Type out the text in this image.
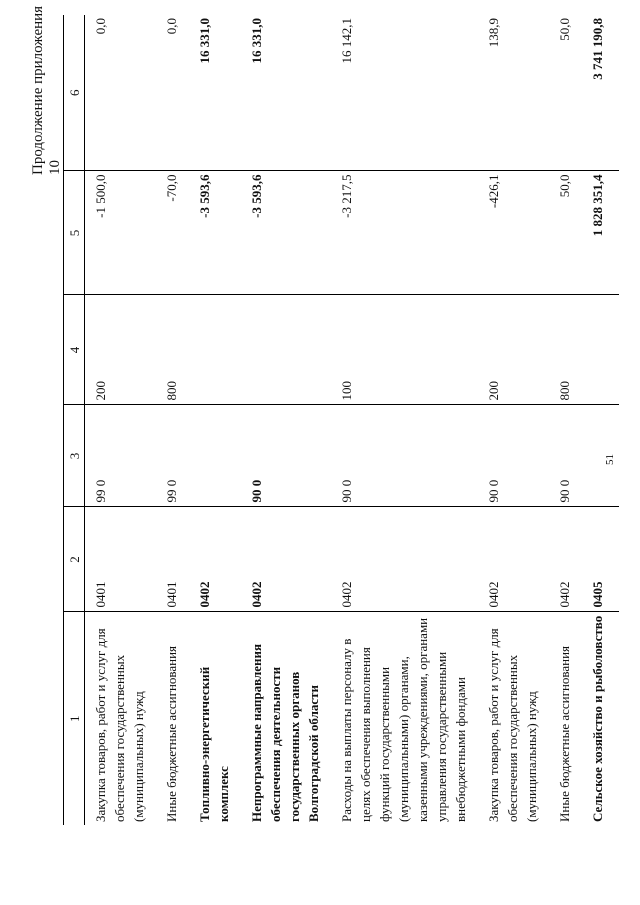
Продолжение приложения 10
51
1	2	3	4	5	6
Закупка товаров, работ и услуг для обеспечения государственных (муниципальных) нужд	0401	99 0	200	-1 500,0	0,0
Иные бюджетные ассигнования	0401	99 0	800	-70,0	0,0
Топливно-энергетический комплекс	0402			-3 593,6	16 331,0
Непрограммные направления обеспечения деятельности государственных органов Волгоградской области	0402	90 0		-3 593,6	16 331,0
Расходы на выплаты персоналу в целях обеспечения выполнения функций государственными (муниципальными) органами, казенными учреждениями, органами управления государственными внебюджетными фондами	0402	90 0	100	-3 217,5	16 142,1
Закупка товаров, работ и услуг для обеспечения государственных (муниципальных) нужд	0402	90 0	200	-426,1	138,9
Иные бюджетные ассигнования	0402	90 0	800	50,0	50,0
Сельское хозяйство и рыболовство	0405			1 828 351,4	3 741 190,8
